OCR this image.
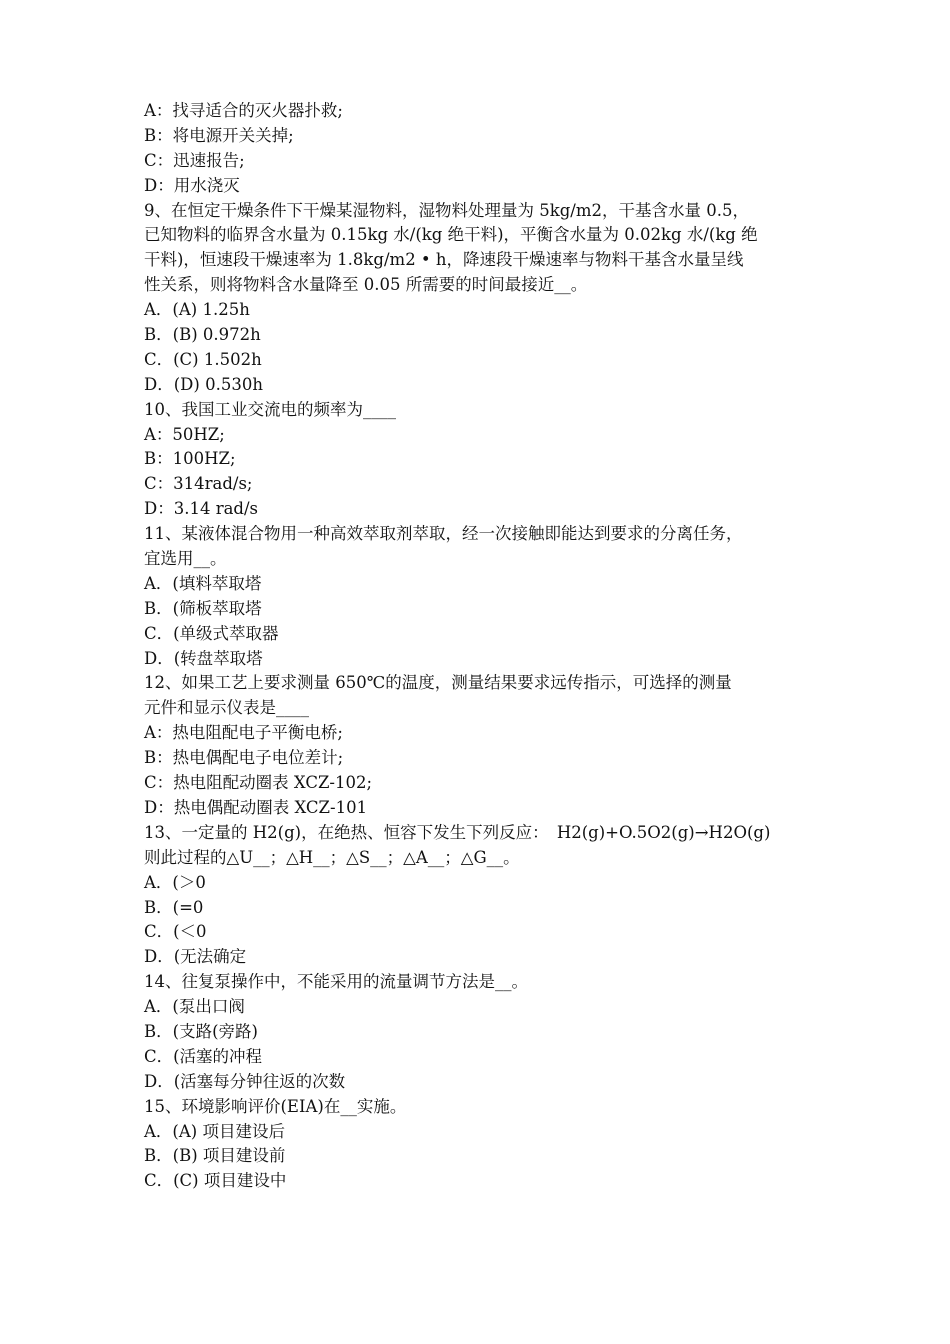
A：找寻适合的灭火器扑救;
B：将电源开关关掉;
C：迅速报告;
D：用水浇灭
9、在恒定干燥条件下干燥某湿物料，湿物料处理量为 5kg/m2，干基含水量 0.5，
已知物料的临界含水量为 0.15kg 水/(kg 绝干料)，平衡含水量为 0.02kg 水/(kg 绝
干料)，恒速段干燥速率为 1.8kg/m2 • h，降速段干燥速率与物料干基含水量呈线
性关系，则将物料含水量降至 0.05 所需要的时间最接近__。
A．(A) 1.25h
B．(B) 0.972h
C．(C) 1.502h
D．(D) 0.530h
10、我国工业交流电的频率为____
A：50HZ;
B：100HZ;
C：314rad/s;
D：3.14 rad/s
11、某液体混合物用一种高效萃取剂萃取，经一次接触即能达到要求的分离任务，
宜选用__。
A．(填料萃取塔
B．(筛板萃取塔
C．(单级式萃取器
D．(转盘萃取塔
12、如果工艺上要求测量 650℃的温度，测量结果要求远传指示，可选择的测量
元件和显示仪表是____
A：热电阻配电子平衡电桥;
B：热电偶配电子电位差计;
C：热电阻配动圈表 XCZ-102;
D：热电偶配动圈表 XCZ-101
13、一定量的 H2(g)，在绝热、恒容下发生下列反应：　H2(g)+O.5O2(g)→H2O(g)
则此过程的△U__；△H__；△S__；△A__；△G__。
A．(＞0
B．(=0
C．(＜0
D．(无法确定
14、往复泵操作中，不能采用的流量调节方法是__。
A．(泵出口阀
B．(支路(旁路)
C．(活塞的冲程
D．(活塞每分钟往返的次数
15、环境影响评价(EIA)在__实施。
A．(A) 项目建设后
B．(B) 项目建设前
C．(C) 项目建设中
